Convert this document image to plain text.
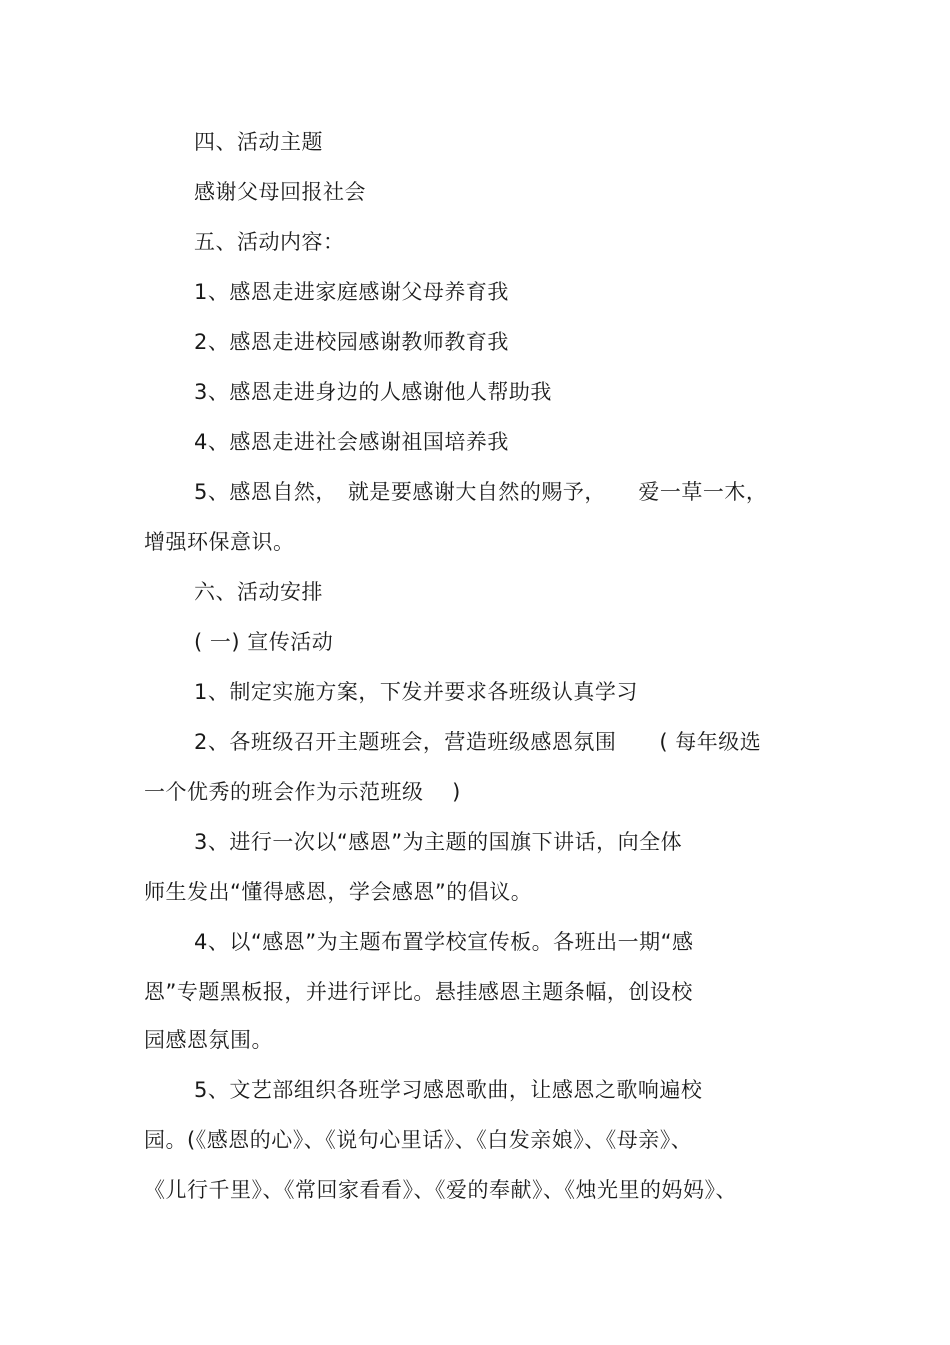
四、活动主题
感谢父母回报社会
五、活动内容：
1、感恩走进家庭感谢父母养育我
2、感恩走进校园感谢教师教育我
3、感恩走进身边的人感谢他人帮助我
4、感恩走进社会感谢祖国培养我
5、感恩自然，　就是要感谢大自然的赐予，　　爱一草一木，
增强环保意识。
六、活动安排
( 一) 宣传活动
1、制定实施方案，下发并要求各班级认真学习
2、各班级召开主题班会，营造班级感恩氛围　　( 每年级选
一个优秀的班会作为示范班级　 )
3、进行一次以“感恩”为主题的国旗下讲话，向全体
师生发出“懂得感恩，学会感恩”的倡议。
4、以“感恩”为主题布置学校宣传板。各班出一期“感
恩”专题黑板报，并进行评比。悬挂感恩主题条幅，创设校
园感恩氛围。
5、文艺部组织各班学习感恩歌曲，让感恩之歌响遍校
园。(《感恩的心》、《说句心里话》、《白发亲娘》、《母亲》、
《儿行千里》、《常回家看看》、《爱的奉献》、《烛光里的妈妈》、
